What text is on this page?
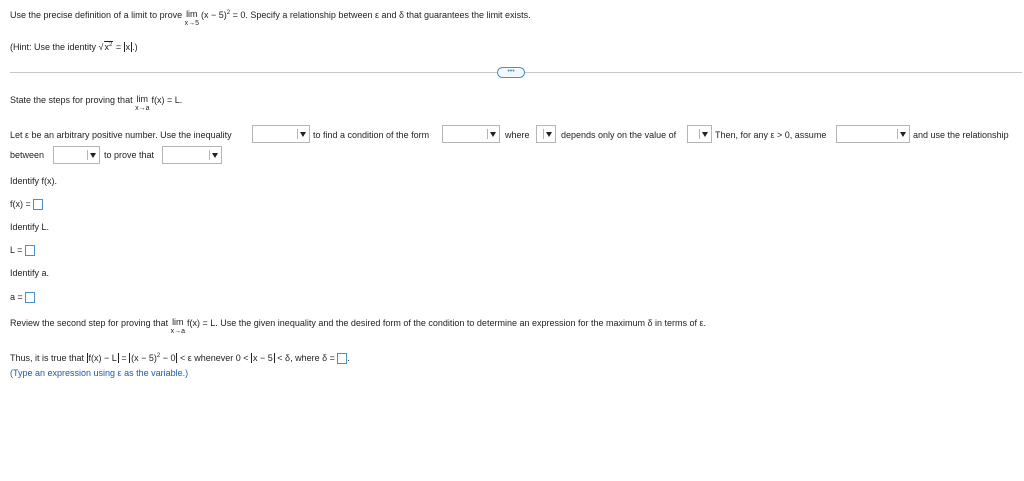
Use the precise definition of a limit to prove lim
x→5
$(x - 5)^2 = 0$. Specify a relationship between ε and δ that guarantees the limit exists.
(Hint: Use the identity $√x^2 = x$ .)
•••
State the steps for proving that lim
x→a
f(x) = L.
Let ε be an arbitrary positive number. Use the inequality	to find a condition of the form	where	depends only on the value of	Then, for any ε > 0, assume	and use the relationship
between	to prove that
Identify f(x).
f(x) =
Identify L.
L =
Identify a.
a =
Review the second step for proving that lim
x→a
f(x) = L. Use the given inequality and the desired form of the condition to determine an expression for the maximum δ in terms of ε.
Thus, it is true that $f(x) - L = (x - 5)^2 - 0 < \varepsilon$ whenever 0 < x − 5 < δ, where δ = .
(Type an expression using ε as the variable.)
